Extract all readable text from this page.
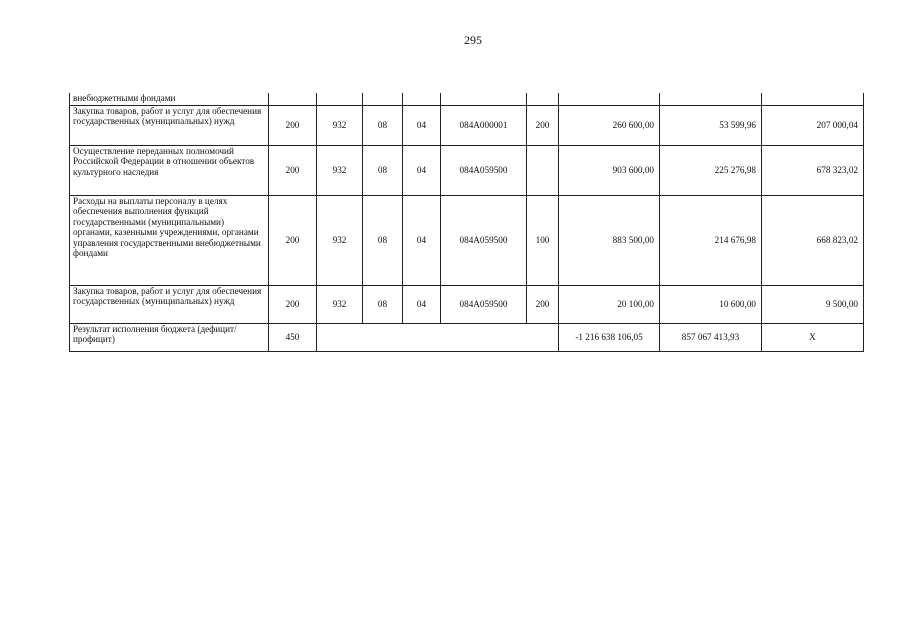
295
внебюджетными фондами									
Закупка товаров, работ и услуг для обеспечения государственных (муниципальных) нужд	200	932	08	04	084A000001	200	260 600,00	53 599,96	207 000,04
Осуществление переданных полномочий Российской Федерации в отношении объектов культурного наследия	200	932	08	04	084A059500		903 600,00	225 276,98	678 323,02
Расходы на выплаты персоналу в целях обеспечения выполнения функций государственными (муниципальными) органами, казенными учреждениями, органами управления государственными внебюджетными фондами	200	932	08	04	084A059500	100	883 500,00	214 676,98	668 823,02
Закупка товаров, работ и услуг для обеспечения государственных (муниципальных) нужд	200	932	08	04	084A059500	200	20 100,00	10 600,00	9 500,00
Результат исполнения бюджета (дефицит/профицит)	450						-1 216 638 106,05	857 067 413,93	X
